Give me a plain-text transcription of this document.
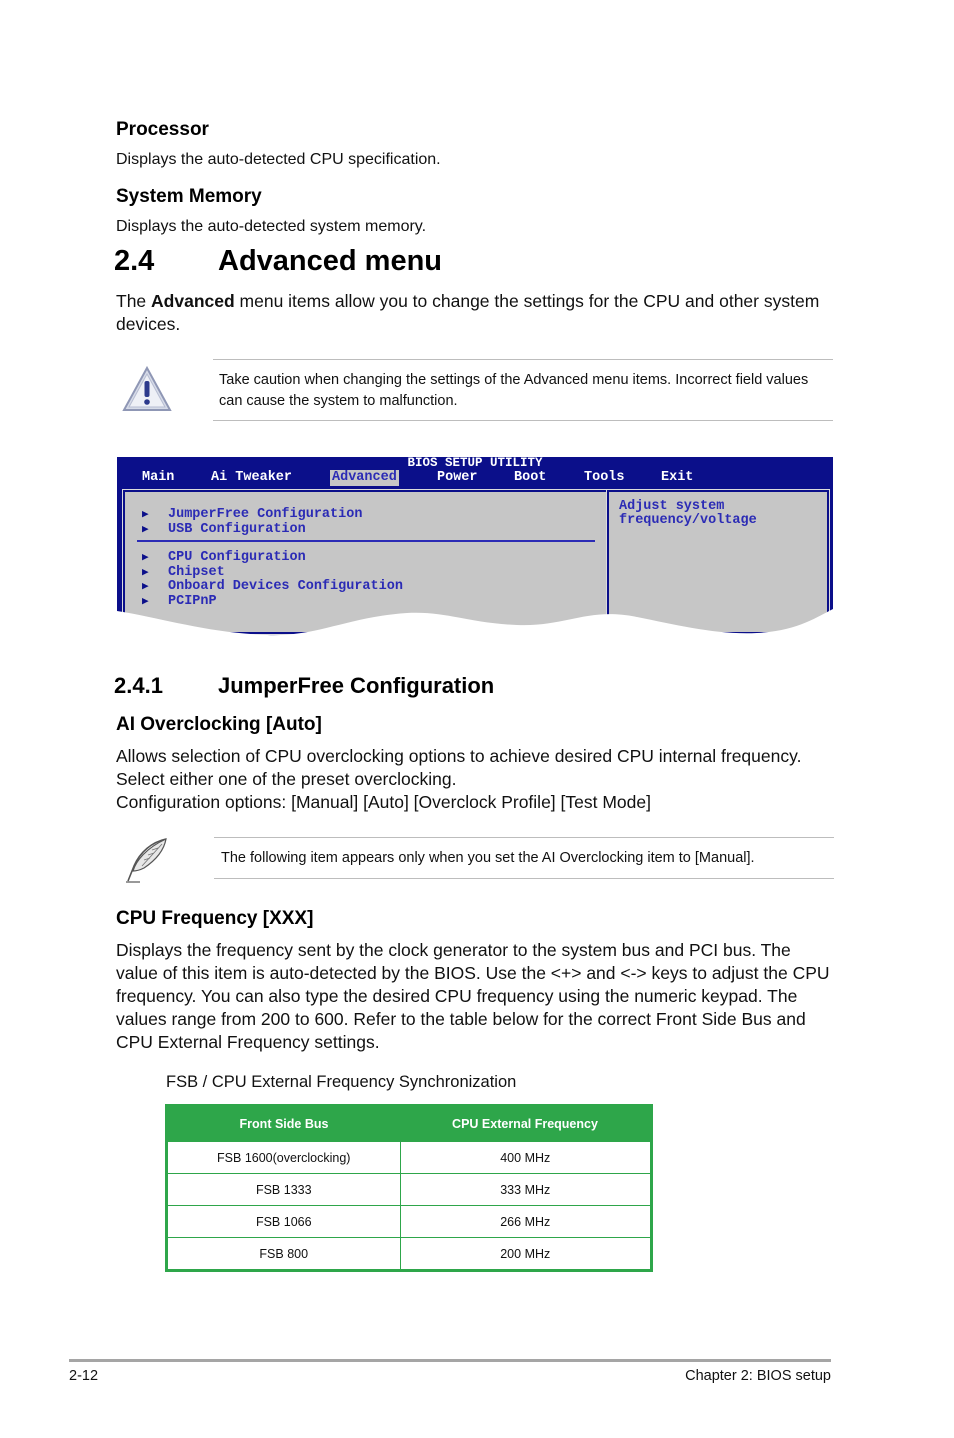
Processor
Displays the auto-detected CPU specification.
System Memory
Displays the auto-detected system memory.
2.4 Advanced menu
The Advanced menu items allow you to change the settings for the CPU and other system devices.
Take caution when changing the settings of the Advanced menu items. Incorrect field values can cause the system to malfunction.
BIOS SETUP UTILITY
Main	Ai Tweaker	Advanced	Power	Boot	Tools	Exit
▶ JumperFree Configuration
▶ USB Configuration
▶ CPU Configuration
▶ Chipset
▶ Onboard Devices Configuration
▶ PCIPnP
Adjust system
frequency/voltage
2.4.1	JumperFree Configuration
AI Overclocking [Auto]
Allows selection of CPU overclocking options to achieve desired CPU internal frequency.
Select either one of the preset overclocking.
Configuration options: [Manual] [Auto] [Overclock Profile] [Test Mode]
The following item appears only when you set the AI Overclocking item to [Manual].
CPU Frequency [XXX]
Displays the frequency sent by the clock generator to the system bus and PCI bus. The
value of this item is auto-detected by the BIOS. Use the <+> and <-> keys to adjust the CPU
frequency. You can also type the desired CPU frequency using the numeric keypad. The
values range from 200 to 600. Refer to the table below for the correct Front Side Bus and
CPU External Frequency settings.
FSB / CPU External Frequency Synchronization
Front Side Bus	CPU External Frequency
FSB 1600(overclocking)	400 MHz
FSB 1333	333 MHz
FSB 1066	266 MHz
FSB 800	200 MHz
2-12	Chapter 2: BIOS setup
